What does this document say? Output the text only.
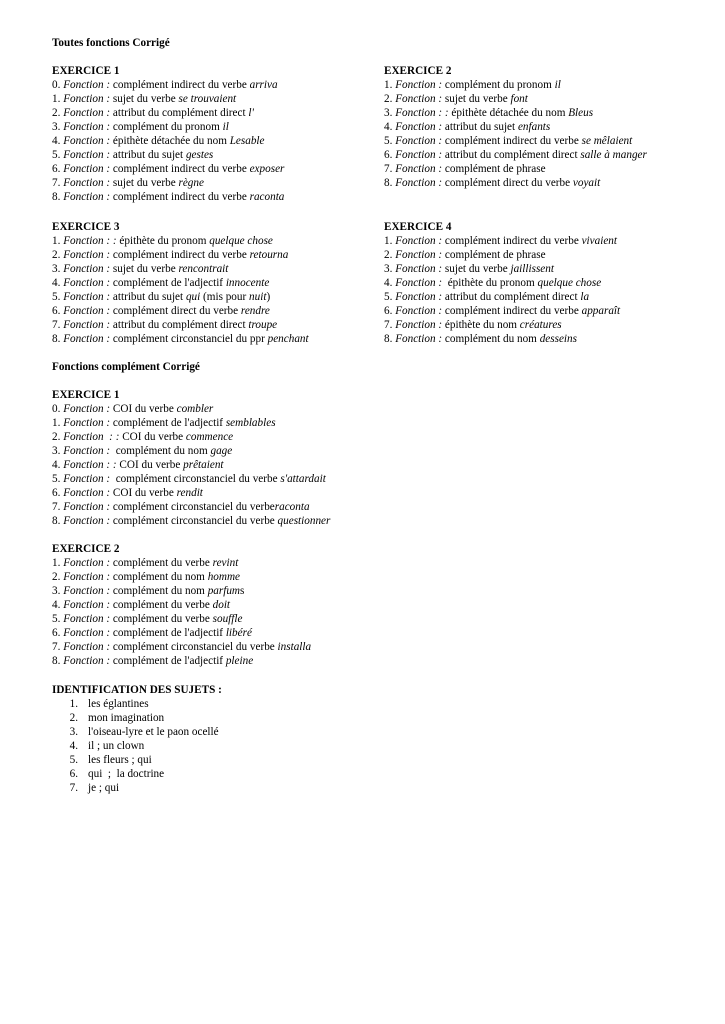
Toutes fonctions Corrigé
EXERCICE 1
0. Fonction : complément indirect du verbe arriva
1. Fonction : sujet du verbe se trouvaient
2. Fonction : attribut du complément direct l'
3. Fonction : complément du pronom il
4. Fonction : épithète détachée du nom Lesable
5. Fonction : attribut du sujet gestes
6. Fonction : complément indirect du verbe exposer
7. Fonction : sujet du verbe règne
8. Fonction : complément indirect du verbe raconta
EXERCICE 2
1. Fonction : complément du pronom il
2. Fonction : sujet du verbe font
3. Fonction : : épithète détachée du nom Bleus
4. Fonction : attribut du sujet enfants
5. Fonction : complément indirect du verbe se mêlaient
6. Fonction : attribut du complément direct salle à manger
7. Fonction : complément de phrase
8. Fonction : complément direct du verbe voyait
EXERCICE 3
1. Fonction : : épithète du pronom quelque chose
2. Fonction : complément indirect du verbe retourna
3. Fonction : sujet du verbe rencontrait
4. Fonction : complément de l'adjectif innocente
5. Fonction : attribut du sujet qui (mis pour nuit)
6. Fonction : complément direct du verbe rendre
7. Fonction : attribut du complément direct troupe
8. Fonction : complément circonstanciel du ppr penchant
EXERCICE 4
1. Fonction : complément indirect du verbe vivaient
2. Fonction : complément de phrase
3. Fonction : sujet du verbe jaillissent
4. Fonction :  épithète du pronom quelque chose
5. Fonction : attribut du complément direct la
6. Fonction : complément indirect du verbe apparaît
7. Fonction : épithète du nom créatures
8. Fonction : complément du nom desseins
Fonctions complément Corrigé
EXERCICE 1
0. Fonction : COI du verbe combler
1. Fonction : complément de l'adjectif semblables
2. Fonction  : : COI du verbe commence
3. Fonction :  complément du nom gage
4. Fonction : : COI du verbe prêtaient
5. Fonction :  complément circonstanciel du verbe s'attardait
6. Fonction : COI du verbe rendit
7. Fonction : complément circonstanciel du verberaconta
8. Fonction : complément circonstanciel du verbe questionner
EXERCICE 2
1. Fonction : complément du verbe revint
2. Fonction : complément du nom homme
3. Fonction : complément du nom parfums
4. Fonction : complément du verbe doit
5. Fonction : complément du verbe souffle
6. Fonction : complément de l'adjectif libéré
7. Fonction : complément circonstanciel du verbe installa
8. Fonction : complément de l'adjectif pleine
IDENTIFICATION DES SUJETS :
1. les églantines
2. mon imagination
3. l'oiseau-lyre et le paon ocellé
4. il ; un clown
5. les fleurs ; qui
6. qui  ;  la doctrine
7. je ; qui
